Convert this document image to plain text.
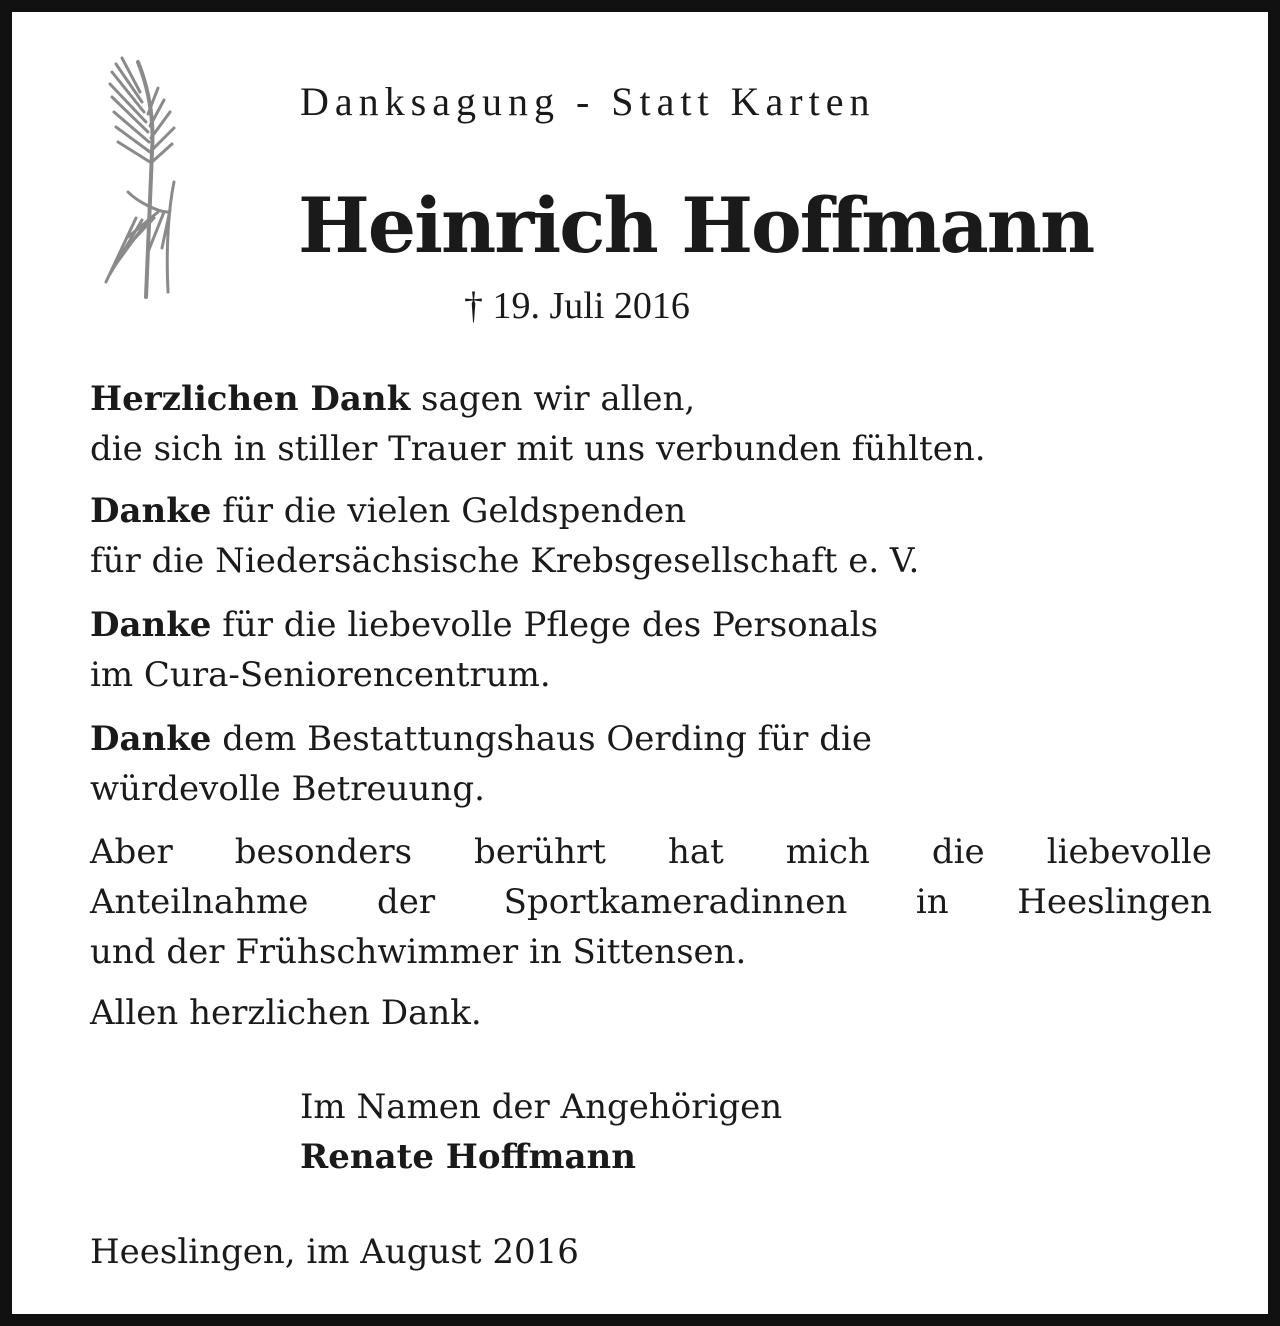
Danksagung - Statt Karten
Heinrich Hoffmann
† 19. Juli 2016

Herzlichen Dank sagen wir allen,
die sich in stiller Trauer mit uns verbunden fühlten.

Danke für die vielen Geldspenden
für die Niedersächsische Krebsgesellschaft e. V.

Danke für die liebevolle Pflege des Personals
im Cura-Seniorencentrum.

Danke dem Bestattungshaus Oerding für die
würdevolle Betreuung.

Aber besonders berührt hat mich die liebevolle
Anteilnahme der Sportkameradinnen in Heeslingen
und der Frühschwimmer in Sittensen.

Allen herzlichen Dank.

Im Namen der Angehörigen
Renate Hoffmann
Heeslingen, im August 2016
